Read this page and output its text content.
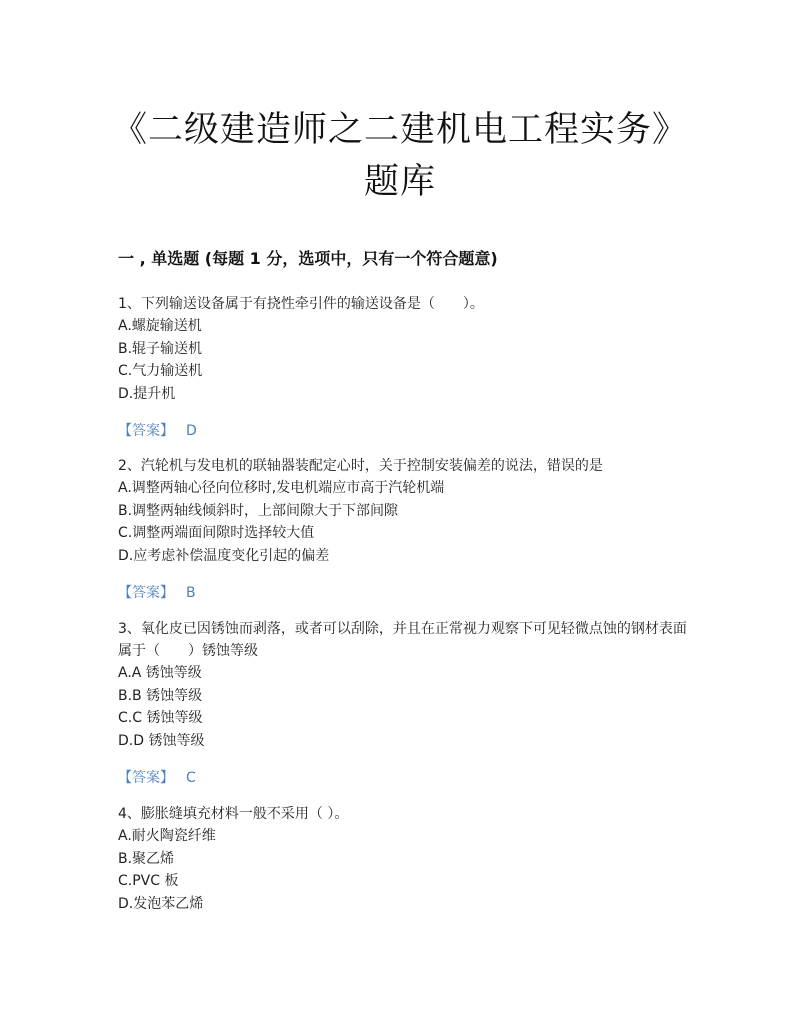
《二级建造师之二建机电工程实务》
题库
一 , 单选题 (每题 1 分，选项中，只有一个符合题意)
1、下列输送设备属于有挠性牵引件的输送设备是（　　）。
A.螺旋输送机
B.辊子输送机
C.气力输送机
D.提升机
【答案】 D
2、汽轮机与发电机的联轴器装配定心时，关于控制安装偏差的说法，错误的是
A.调整两轴心径向位移时,发电机端应市高于汽轮机端
B.调整两轴线倾斜时，上部间隙大于下部间隙
C.调整两端面间隙时选择较大值
D.应考虑补偿温度变化引起的偏差
【答案】 B
3、氧化皮已因锈蚀而剥落，或者可以刮除，并且在正常视力观察下可见轻微点蚀的钢材表面属于（　　）锈蚀等级
A.A 锈蚀等级
B.B 锈蚀等级
C.C 锈蚀等级
D.D 锈蚀等级
【答案】 C
4、膨胀缝填充材料一般不采用（ ）。
A.耐火陶瓷纤维
B.聚乙烯
C.PVC 板
D.发泡苯乙烯
